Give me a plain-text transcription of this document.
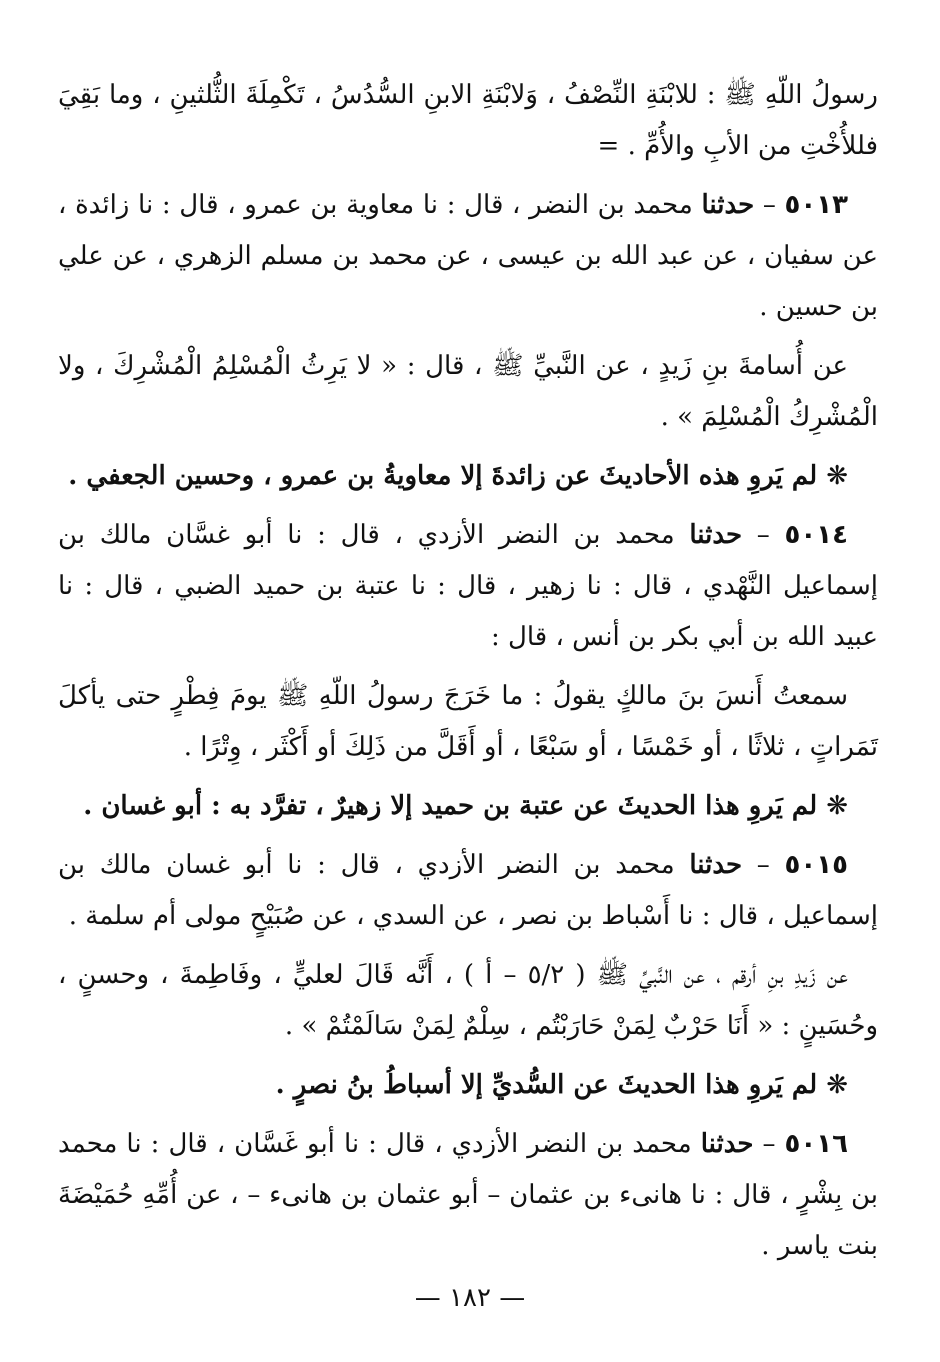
رسولُ اللّهِ ﷺ : للابْنَةِ النِّصْفُ ، وَلابْنَةِ الابنِ السُّدُسُ ، تَكْمِلَةَ الثُّلثينِ ، وما بَقِيَ فللأُخْتِ من الأبِ والأُمِّ . =

٥٠١٣ – حدثنا محمد بن النضر ، قال : نا معاوية بن عمرو ، قال : نا زائدة ، عن سفيان ، عن عبد الله بن عيسى ، عن محمد بن مسلم الزهري ، عن علي بن حسين .

عن أُسامةَ بنِ زَيدٍ ، عن النَّبيِّ ﷺ ، قال : « لا يَرِثُ الْمُسْلِمُ الْمُشْرِكَ ، ولا الْمُشْرِكُ الْمُسْلِمَ » .

❋ لم يَروِ هذه الأحاديثَ عن زائدةَ إلا معاويةُ بن عمرو ، وحسين الجعفي .

٥٠١٤ – حدثنا محمد بن النضر الأزدي ، قال : نا أبو غسَّان مالك بن إسماعيل النَّهْدي ، قال : نا زهير ، قال : نا عتبة بن حميد الضبي ، قال : نا عبيد الله بن أبي بكر بن أنس ، قال :

سمعتُ أَنسَ بنَ مالكٍ يقولُ : ما خَرَجَ رسولُ اللّهِ ﷺ يومَ فِطْرٍ حتى يأكلَ تَمَراتٍ ، ثلاثًا ، أو خَمْسًا ، أو سَبْعًا ، أو أَقَلَّ من ذَلِكَ أو أَكْثَر ، وِتْرًا .

❋ لم يَروِ هذا الحديثَ عن عتبة بن حميد إلا زهيرٌ ، تفرَّد به : أبو غسان .

٥٠١٥ – حدثنا محمد بن النضر الأزدي ، قال : نا أبو غسان مالك بن إسماعيل ، قال : نا أَسْباط بن نصر ، عن السدي ، عن صُبَيْحٍ مولى أم سلمة .

عن زَيدِ بنِ أرقم ، عن النَّبيِّ ﷺ ( ٥/٢ – أ ) ، أَنَّه قَالَ لعليٍّ ، وفَاطِمةَ ، وحسنٍ ، وحُسَينٍ : « أَنَا حَرْبٌ لِمَنْ حَارَبْتُم ، سِلْمٌ لِمَنْ سَالَمْتُمْ » .

❋ لم يَروِ هذا الحديثَ عن السُّديِّ إلا أسباطُ بنُ نصرٍ .

٥٠١٦ – حدثنا محمد بن النضر الأزدي ، قال : نا أبو غَسَّان ، قال : نا محمد بن بِشْرٍ ، قال : نا هانىء بن عثمان – أبو عثمان بن هانىء – ، عن أُمِّهِ حُمَيْضَةَ بنت ياسر .

— ١٨٢ —
